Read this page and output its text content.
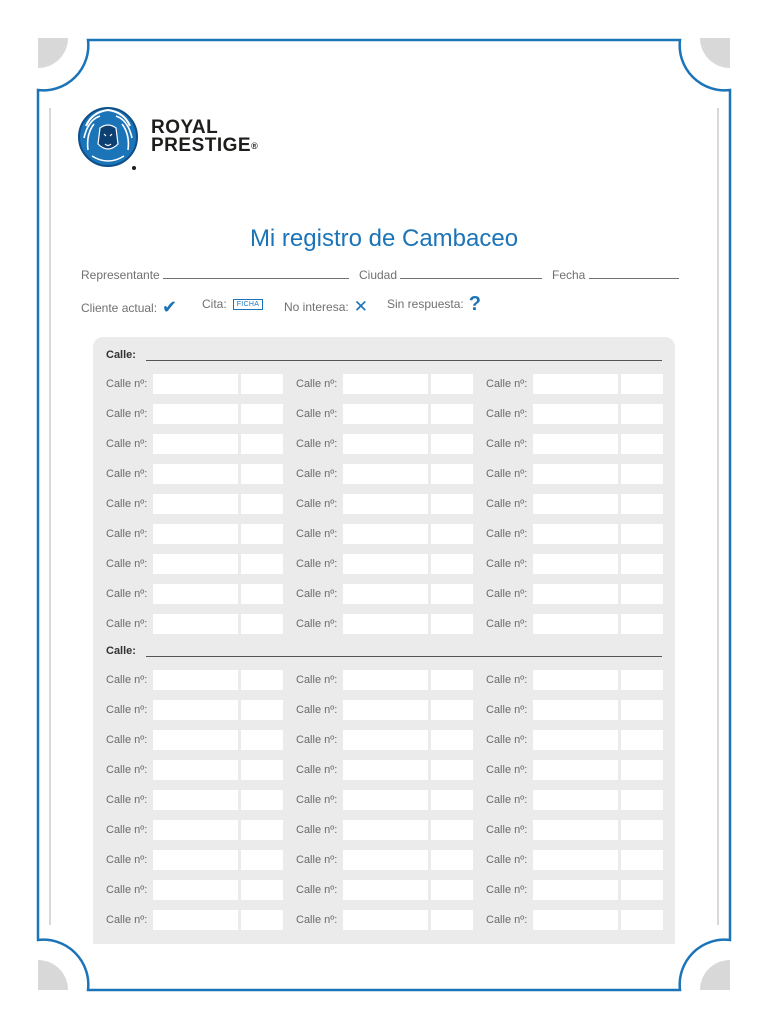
ROYAL
PRESTIGE®
Mi registro de Cambaceo
Representante	Ciudad	Fecha
Cliente actual: ✔ Cita:	FICHA	No interesa: ✕ Sin respuesta: ?
Calle:
Calle nº:	Calle nº:	Calle nº:
Calle nº:	Calle nº:	Calle nº:
Calle nº:	Calle nº:	Calle nº:
Calle nº:	Calle nº:	Calle nº:
Calle nº:	Calle nº:	Calle nº:
Calle nº:	Calle nº:	Calle nº:
Calle nº:	Calle nº:	Calle nº:
Calle nº:	Calle nº:	Calle nº:
Calle nº:	Calle nº:	Calle nº:
Calle:
Calle nº:	Calle nº:	Calle nº:
Calle nº:	Calle nº:	Calle nº:
Calle nº:	Calle nº:	Calle nº:
Calle nº:	Calle nº:	Calle nº:
Calle nº:	Calle nº:	Calle nº:
Calle nº:	Calle nº:	Calle nº:
Calle nº:	Calle nº:	Calle nº:
Calle nº:	Calle nº:	Calle nº:
Calle nº:	Calle nº:	Calle nº:
